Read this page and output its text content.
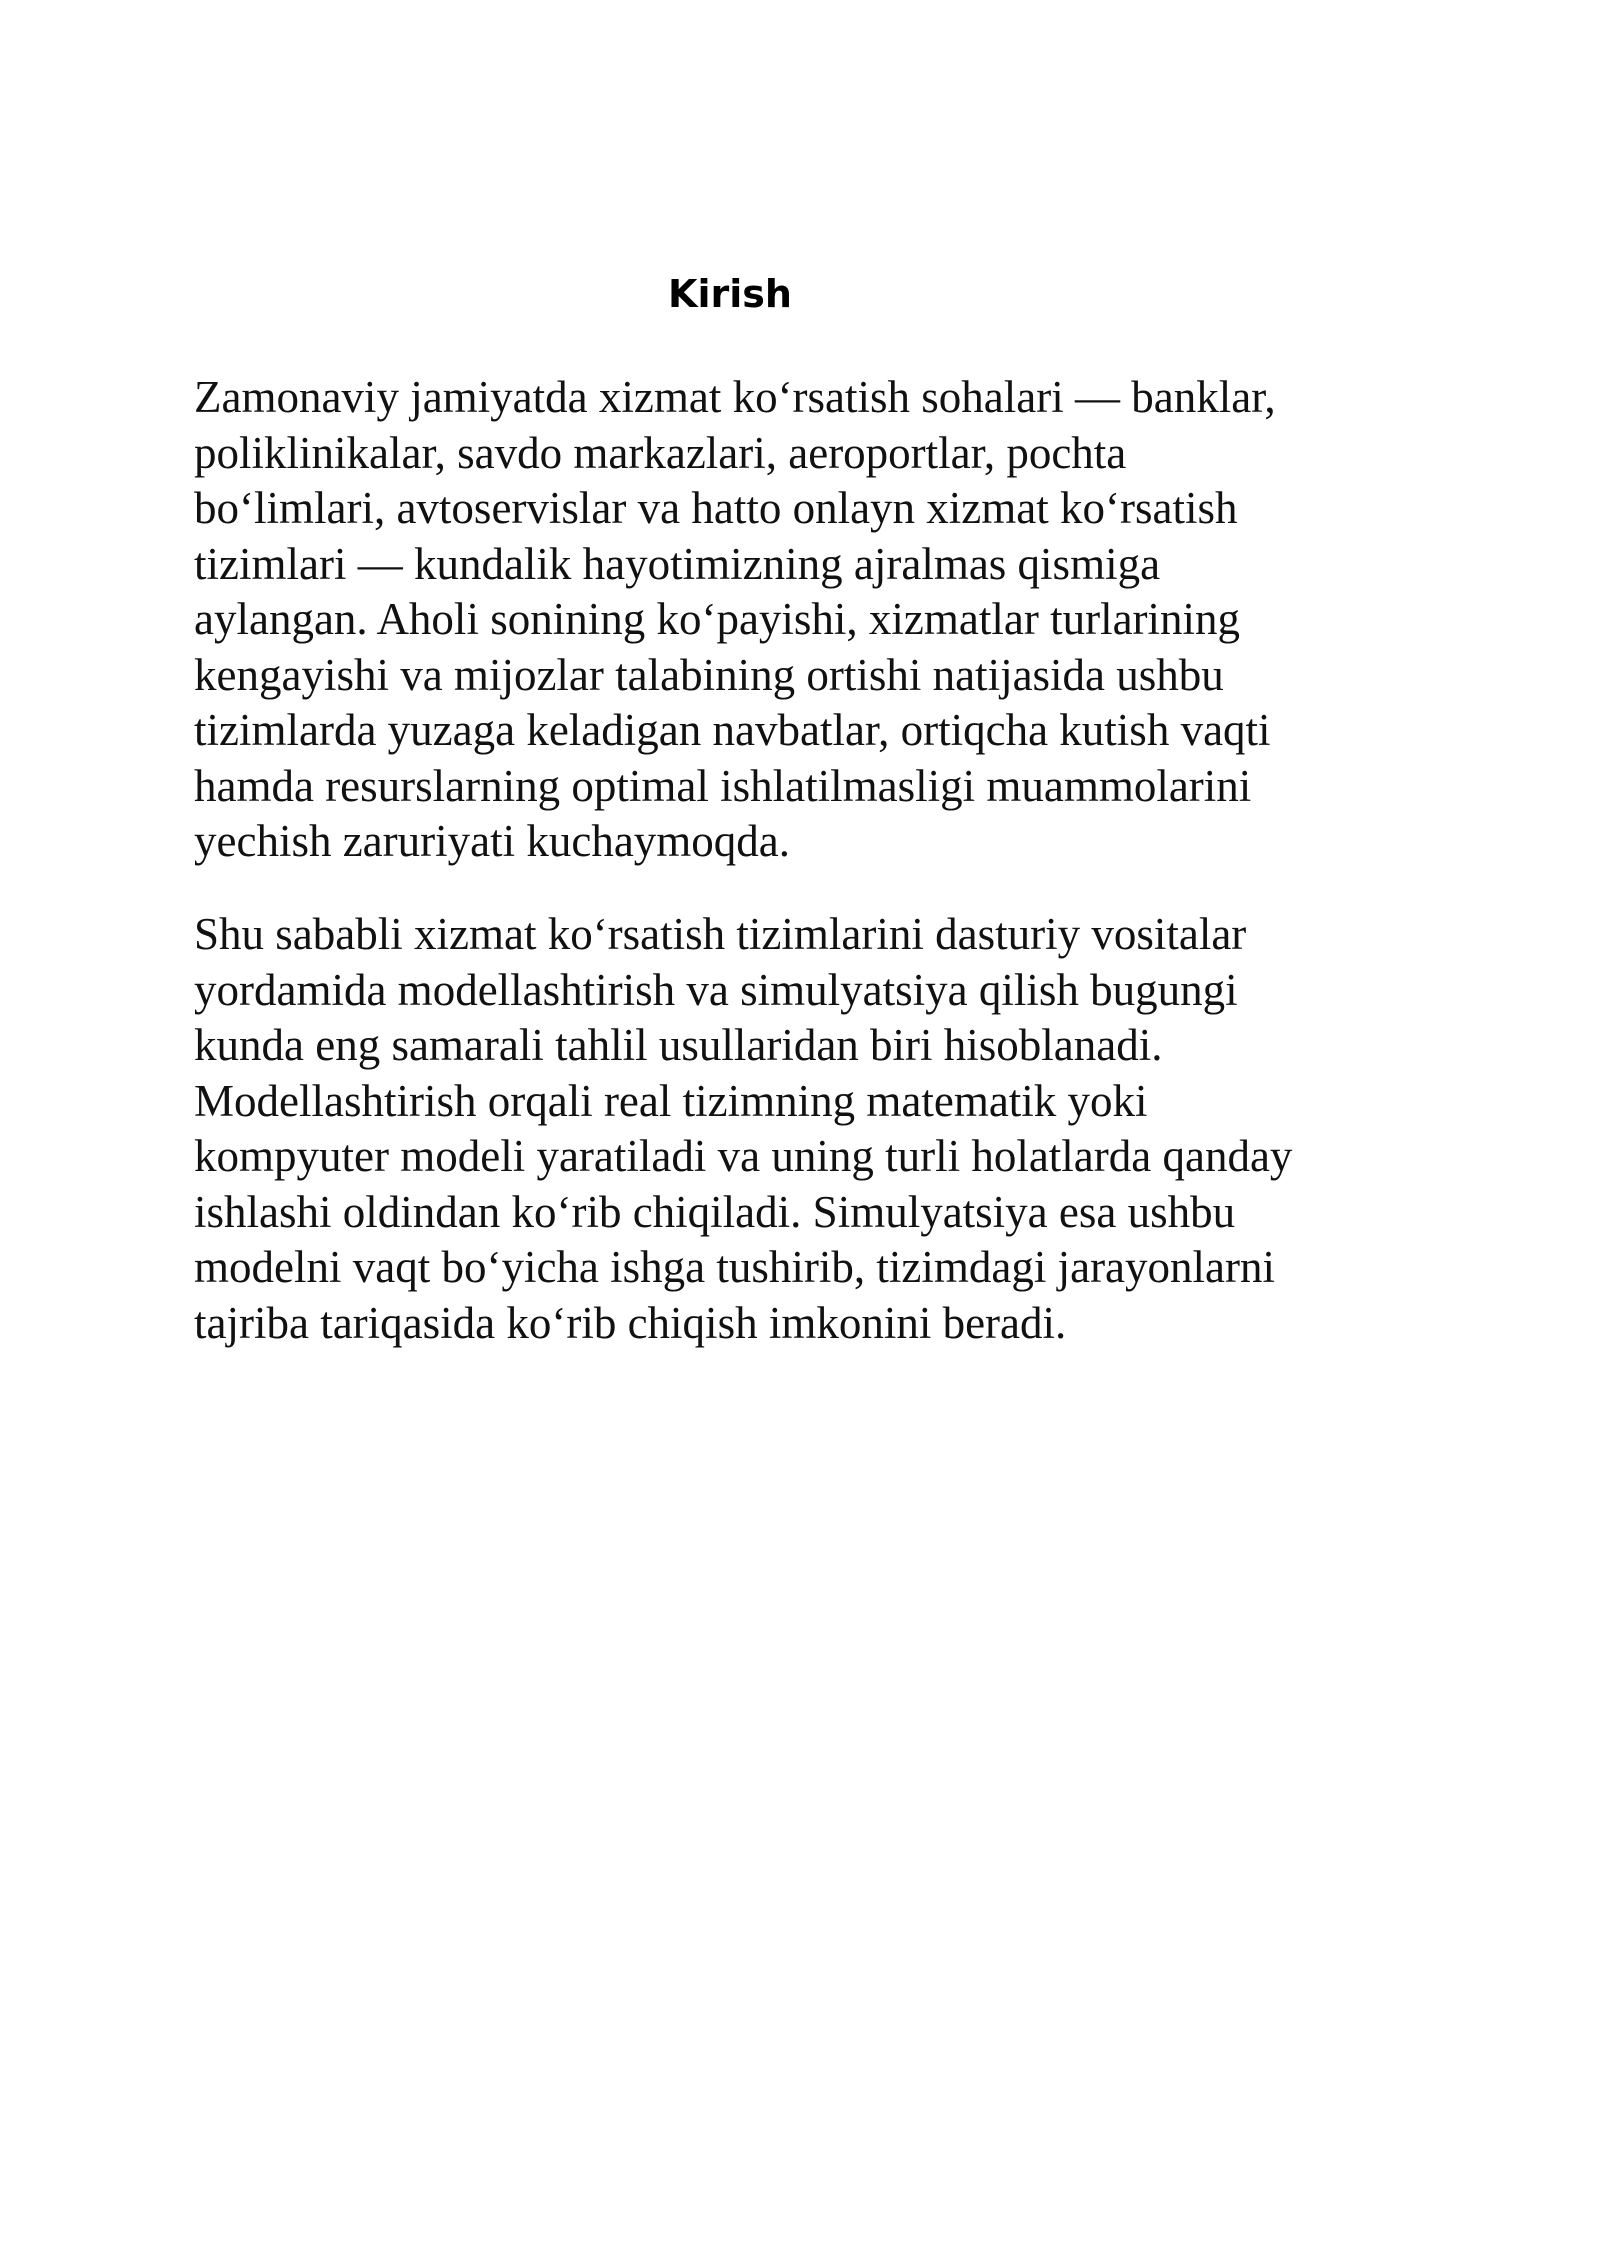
Kirish

Zamonaviy jamiyatda xizmat ko‘rsatish sohalari — banklar,
poliklinikalar, savdo markazlari, aeroportlar, pochta
bo‘limlari, avtoservislar va hatto onlayn xizmat ko‘rsatish
tizimlari — kundalik hayotimizning ajralmas qismiga
aylangan. Aholi sonining ko‘payishi, xizmatlar turlarining
kengayishi va mijozlar talabining ortishi natijasida ushbu
tizimlarda yuzaga keladigan navbatlar, ortiqcha kutish vaqti
hamda resurslarning optimal ishlatilmasligi muammolarini
yechish zaruriyati kuchaymoqda.

Shu sababli xizmat ko‘rsatish tizimlarini dasturiy vositalar
yordamida modellashtirish va simulyatsiya qilish bugungi
kunda eng samarali tahlil usullaridan biri hisoblanadi.
Modellashtirish orqali real tizimning matematik yoki
kompyuter modeli yaratiladi va uning turli holatlarda qanday
ishlashi oldindan ko‘rib chiqiladi. Simulyatsiya esa ushbu
modelni vaqt bo‘yicha ishga tushirib, tizimdagi jarayonlarni
tajriba tariqasida ko‘rib chiqish imkonini beradi.
